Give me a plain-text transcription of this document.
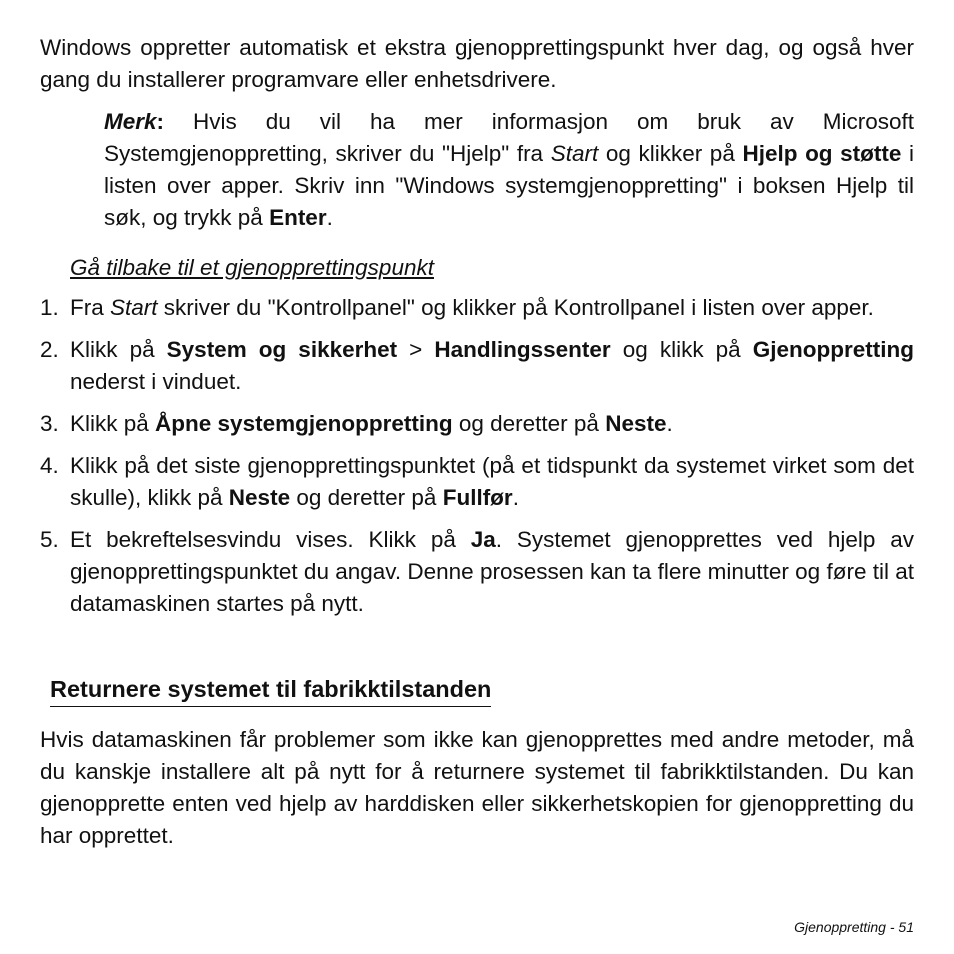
Windows oppretter automatisk et ekstra gjenopprettingspunkt hver dag, og også hver gang du installerer programvare eller enhetsdrivere.

Merk: Hvis du vil ha mer informasjon om bruk av Microsoft Systemgjenoppretting, skriver du "Hjelp" fra Start og klikker på Hjelp og støtte i listen over apper. Skriv inn "Windows systemgjenoppretting" i boksen Hjelp til søk, og trykk på Enter.

Gå tilbake til et gjenopprettingspunkt

1. Fra Start skriver du "Kontrollpanel" og klikker på Kontrollpanel i listen over apper.
2. Klikk på System og sikkerhet > Handlingssenter og klikk på Gjenoppretting nederst i vinduet.
3. Klikk på Åpne systemgjenoppretting og deretter på Neste.
4. Klikk på det siste gjenopprettingspunktet (på et tidspunkt da systemet virket som det skulle), klikk på Neste og deretter på Fullfør.
5. Et bekreftelsesvindu vises. Klikk på Ja. Systemet gjenopprettes ved hjelp av gjenopprettingspunktet du angav. Denne prosessen kan ta flere minutter og føre til at datamaskinen startes på nytt.
Returnere systemet til fabrikktilstanden

Hvis datamaskinen får problemer som ikke kan gjenopprettes med andre metoder, må du kanskje installere alt på nytt for å returnere systemet til fabrikktilstanden. Du kan gjenopprette enten ved hjelp av harddisken eller sikkerhetskopien for gjenoppretting du har opprettet.

Gjenoppretting - 51
